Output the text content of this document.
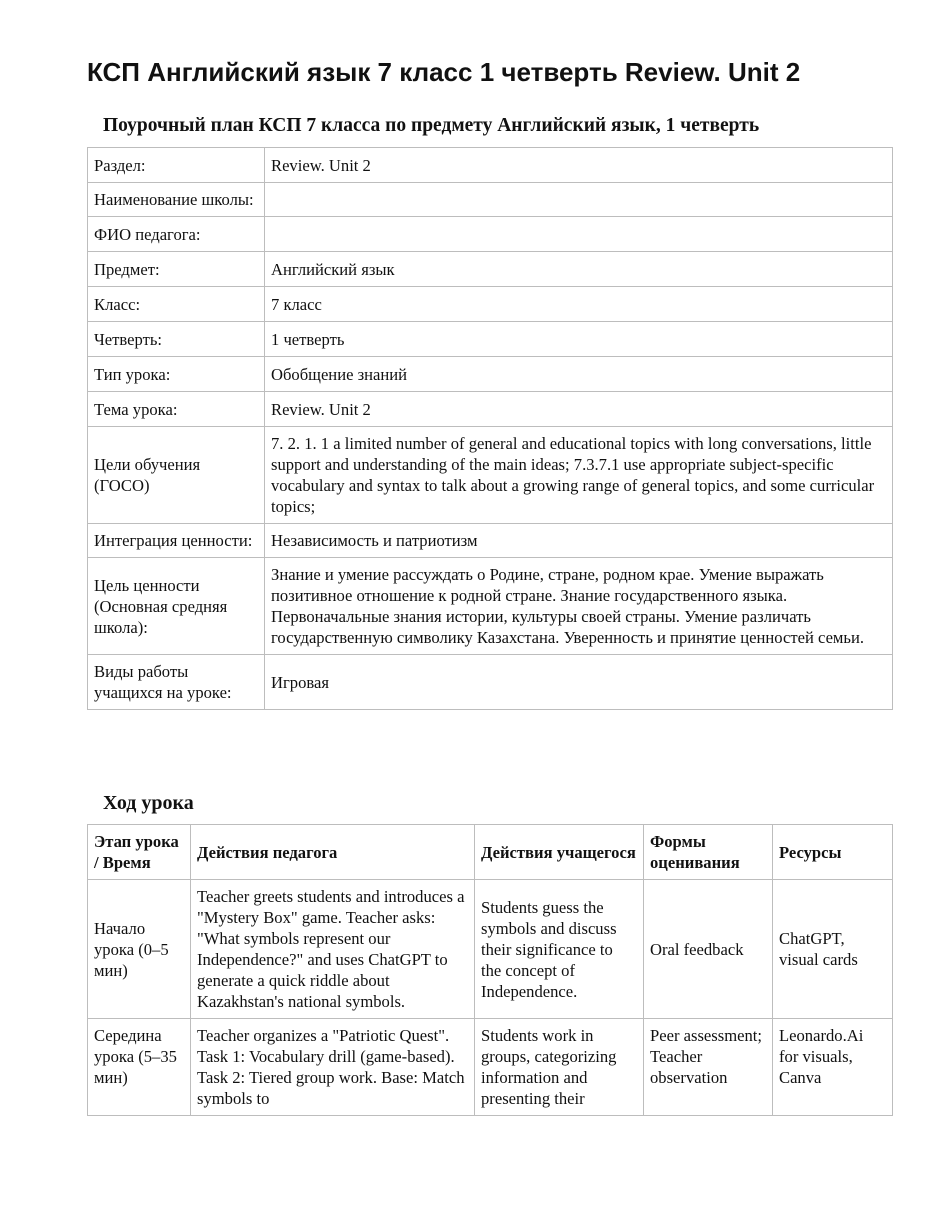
КСП Английский язык 7 класс 1 четверть Review. Unit 2
Поурочный план КСП 7 класса по предмету Английский язык, 1 четверть
Раздел:	Review. Unit 2
Наименование школы:	
ФИО педагога:	
Предмет:	Английский язык
Класс:	7 класс
Четверть:	1 четверть
Тип урока:	Обобщение знаний
Тема урока:	Review. Unit 2
Цели обучения (ГОСО)	7. 2. 1. 1 a limited number of general and educational topics with long conversations, little support and understanding of the main ideas; 7.3.7.1 use appropriate subject-specific vocabulary and syntax to talk about a growing range of general topics, and some curricular topics;
Интеграция ценности:	Независимость и патриотизм
Цель ценности (Основная средняя школа):	Знание и умение рассуждать о Родине, стране, родном крае. Умение выражать позитивное отношение к родной стране. Знание государственного языка. Первоначальные знания истории, культуры своей страны. Умение различать государственную символику Казахстана. Уверенность и принятие ценностей семьи.
Виды работы учащихся на уроке:	Игровая
Ход урока
Этап урока / Время	Действия педагога	Действия учащегося	Формы оценивания	Ресурсы
Начало урока (0–5 мин)	Teacher greets students and introduces a "Mystery Box" game. Teacher asks: "What symbols represent our Independence?" and uses ChatGPT to generate a quick riddle about Kazakhstan's national symbols.	Students guess the symbols and discuss their significance to the concept of Independence.	Oral feedback	ChatGPT, visual cards
Середина урока (5–35 мин)	Teacher organizes a "Patriotic Quest". Task 1: Vocabulary drill (game-based). Task 2: Tiered group work. Base: Match symbols to	Students work in groups, categorizing information and presenting their	Peer assessment; Teacher observation	Leonardo.Ai for visuals, Canva
